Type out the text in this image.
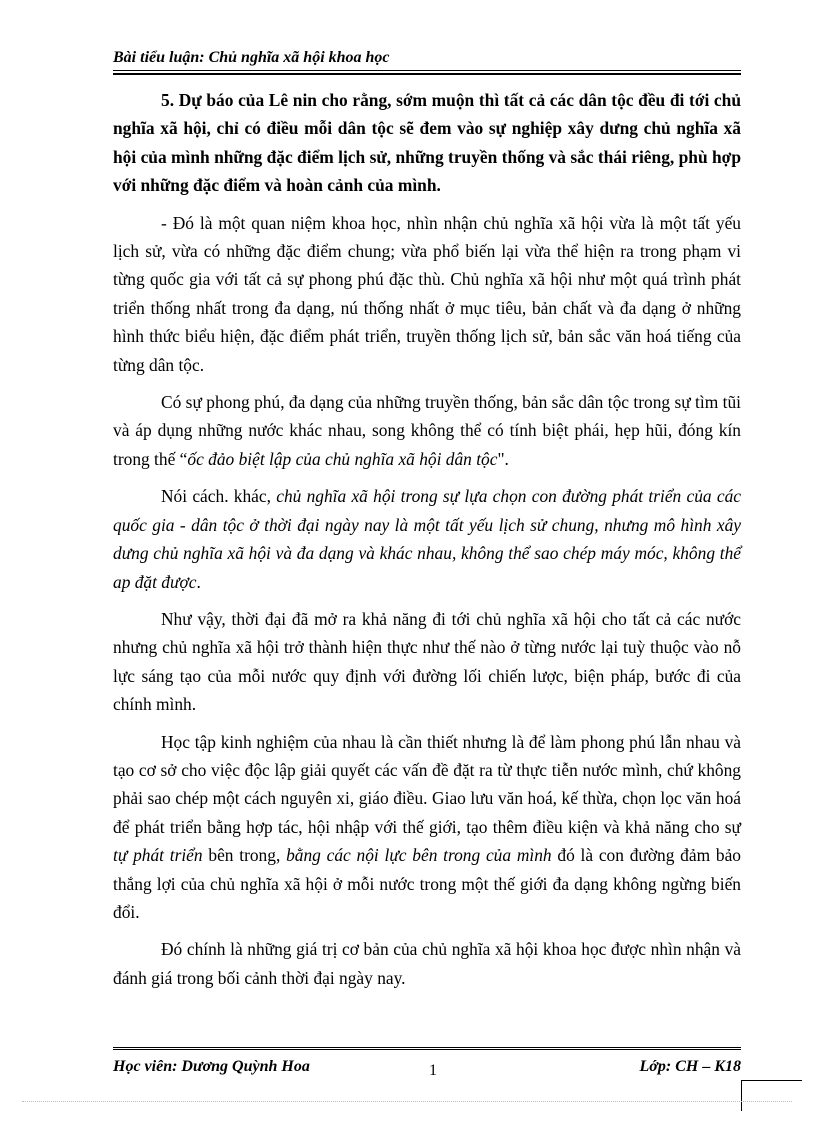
Bài tiểu luận: Chủ nghĩa xã hội khoa học

5. Dự báo của Lê nin cho rằng, sớm muộn thì tất cả các dân tộc đều đi tới chủ nghĩa xã hội, chỉ có điều mỗi dân tộc sẽ đem vào sự nghiệp xây dưng chủ nghĩa xã hội của mình những đặc điểm lịch sử, những truyền thống và sắc thái riêng, phù hợp với những đặc điểm và hoàn cảnh của mình.

- Đó là một quan niệm khoa học, nhìn nhận chủ nghĩa xã hội vừa là một tất yếu lịch sử, vừa có những đặc điểm chung; vừa phổ biến lại vừa thể hiện ra trong phạm vi từng quốc gia với tất cả sự phong phú đặc thù. Chủ nghĩa xã hội như một quá trình phát triển thống nhất trong đa dạng, nú thống nhất ở mục tiêu, bản chất và đa dạng ở những hình thức biểu hiện, đặc điểm phát triển, truyền thống lịch sử, bản sắc văn hoá tiếng của từng dân tộc.

Có sự phong phú, đa dạng của những truyền thống, bản sắc dân tộc trong sự tìm tũi và áp dụng những nước khác nhau, song không thể có tính biệt phái, hẹp hũi, đóng kín trong thế “ốc đảo biệt lập của chủ nghĩa xã hội dân tộc".

Nói cách. khác, chủ nghĩa xã hội trong sự lựa chọn con đường phát triển của các quốc gia - dân tộc ở thời đại ngày nay là một tất yếu lịch sử chung, nhưng mô hình xây dưng chủ nghĩa xã hội và đa dạng và khác nhau, không thể sao chép máy móc, không thể ap đặt được.

Như vậy, thời đại đã mở ra khả năng đi tới chủ nghĩa xã hội cho tất cả các nước nhưng chủ nghĩa xã hội trở thành hiện thực như thế nào ở từng nước lại tuỳ thuộc vào nỗ lực sáng tạo của mỗi nước quy định với đường lối chiến lược, biện pháp, bước đi của chính mình.

Học tập kinh nghiệm của nhau là cần thiết nhưng là để làm phong phú lẫn nhau và tạo cơ sở cho việc độc lập giải quyết các vấn đề đặt ra từ thực tiễn nước mình, chứ không phải sao chép một cách nguyên xi, giáo điều. Giao lưu văn hoá, kế thừa, chọn lọc văn hoá để phát triển bằng hợp tác, hội nhập với thế giới, tạo thêm điều kiện và khả năng cho sự tự phát triển bên trong, bằng các nội lực bên trong của mình đó là con đường đảm bảo thắng lợi của chủ nghĩa xã hội ở mỗi nước trong một thế giới đa dạng không ngừng biến đổi.

Đó chính là những giá trị cơ bản của chủ nghĩa xã hội khoa học được nhìn nhận và đánh giá trong bối cảnh thời đại ngày nay.

Học viên: Dương Quỳnh Hoa	1	Lớp: CH – K18
